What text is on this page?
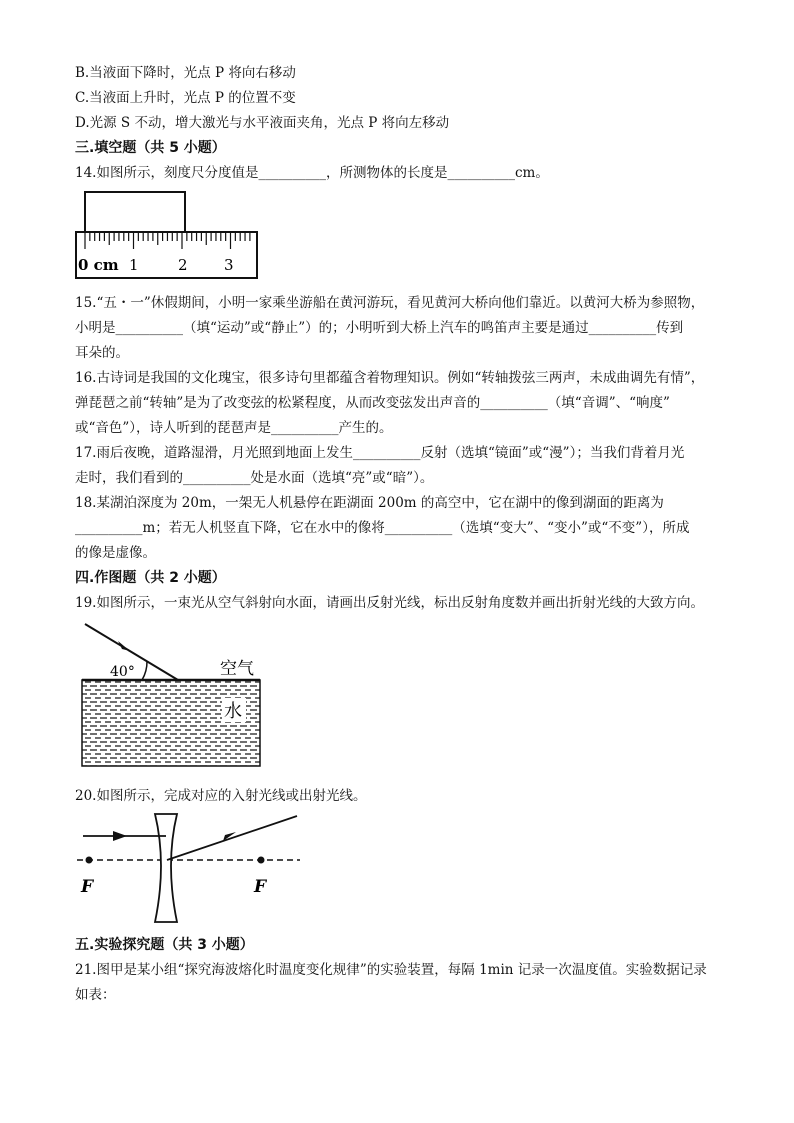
B.当液面下降时，光点 P 将向右移动
C.当液面上升时，光点 P 的位置不变
D.光源 S 不动，增大激光与水平液面夹角，光点 P 将向左移动
三.填空题（共 5 小题）
14.如图所示，刻度尺分度值是__________，所测物体的长度是__________cm。
0 cm 1	2 3
15.“五・一”休假期间，小明一家乘坐游船在黄河游玩，看见黄河大桥向他们靠近。以黄河大桥为参照物，
小明是__________（填“运动”或“静止”）的；小明听到大桥上汽车的鸣笛声主要是通过__________传到
耳朵的。
16.古诗词是我国的文化瑰宝，很多诗句里都蕴含着物理知识。例如“转轴拨弦三两声，未成曲调先有情”，
弹琵琶之前“转轴”是为了改变弦的松紧程度，从而改变弦发出声音的__________（填“音调”、“响度”
或“音色”），诗人听到的琵琶声是__________产生的。
17.雨后夜晚，道路湿滑，月光照到地面上发生__________反射（选填“镜面”或“漫”）；当我们背着月光
走时，我们看到的__________处是水面（选填“亮”或“暗”）。
18.某湖泊深度为 20m，一架无人机悬停在距湖面 200m 的高空中，它在湖中的像到湖面的距离为
__________m；若无人机竖直下降，它在水中的像将__________（选填“变大”、“变小”或“不变”），所成
的像是虚像。
四.作图题（共 2 小题）
19.如图所示，一束光从空气斜射向水面，请画出反射光线，标出反射角度数并画出折射光线的大致方向。
40°	空气
水
20.如图所示，完成对应的入射光线或出射光线。
F	F
五.实验探究题（共 3 小题）
21.图甲是某小组“探究海波熔化时温度变化规律”的实验装置，每隔 1min 记录一次温度值。实验数据记录
如表：
